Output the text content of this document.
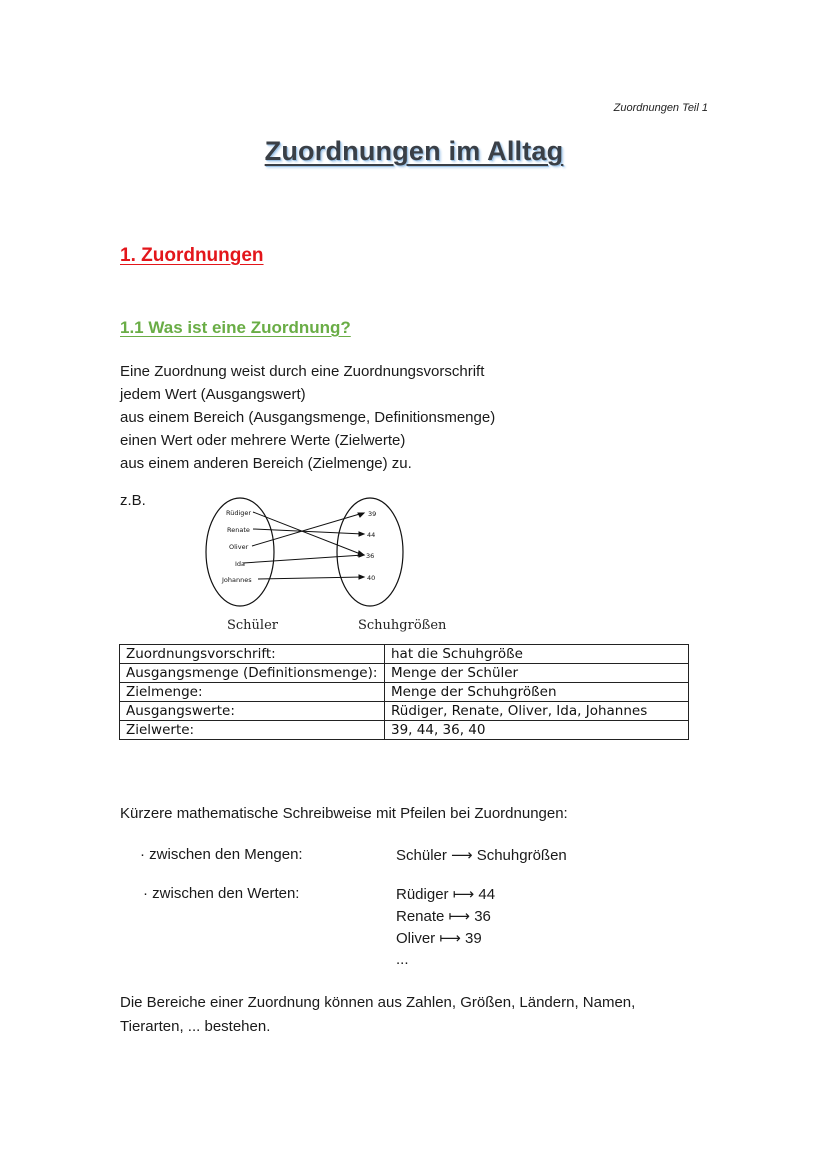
Zuordnungen Teil 1
Zuordnungen im Alltag
1. Zuordnungen
1.1 Was ist eine Zuordnung?
Eine Zuordnung weist durch eine Zuordnungsvorschrift
jedem Wert (Ausgangswert)
aus einem Bereich (Ausgangsmenge, Definitionsmenge)
einen Wert oder mehrere Werte (Zielwerte)
aus einem anderen Bereich (Zielmenge) zu.
z.B.
Rüdiger
Renate
Oliver
Ida
Johannes
39
44
36
40
Schüler	Schuhgrößen
Zuordnungsvorschrift:	hat die Schuhgröße
Ausgangsmenge (Definitionsmenge):	Menge der Schüler
Zielmenge:	Menge der Schuhgrößen
Ausgangswerte:	Rüdiger, Renate, Oliver, Ida, Johannes
Zielwerte:	39, 44, 36, 40
Kürzere mathematische Schreibweise mit Pfeilen bei Zuordnungen:
· zwischen den Mengen:	Schüler ⟶ Schuhgrößen
· zwischen den Werten:	Rüdiger ⟼ 44
Renate ⟼ 36
Oliver ⟼ 39
...
Die Bereiche einer Zuordnung können aus Zahlen, Größen, Ländern, Namen,
Tierarten, ... bestehen.
